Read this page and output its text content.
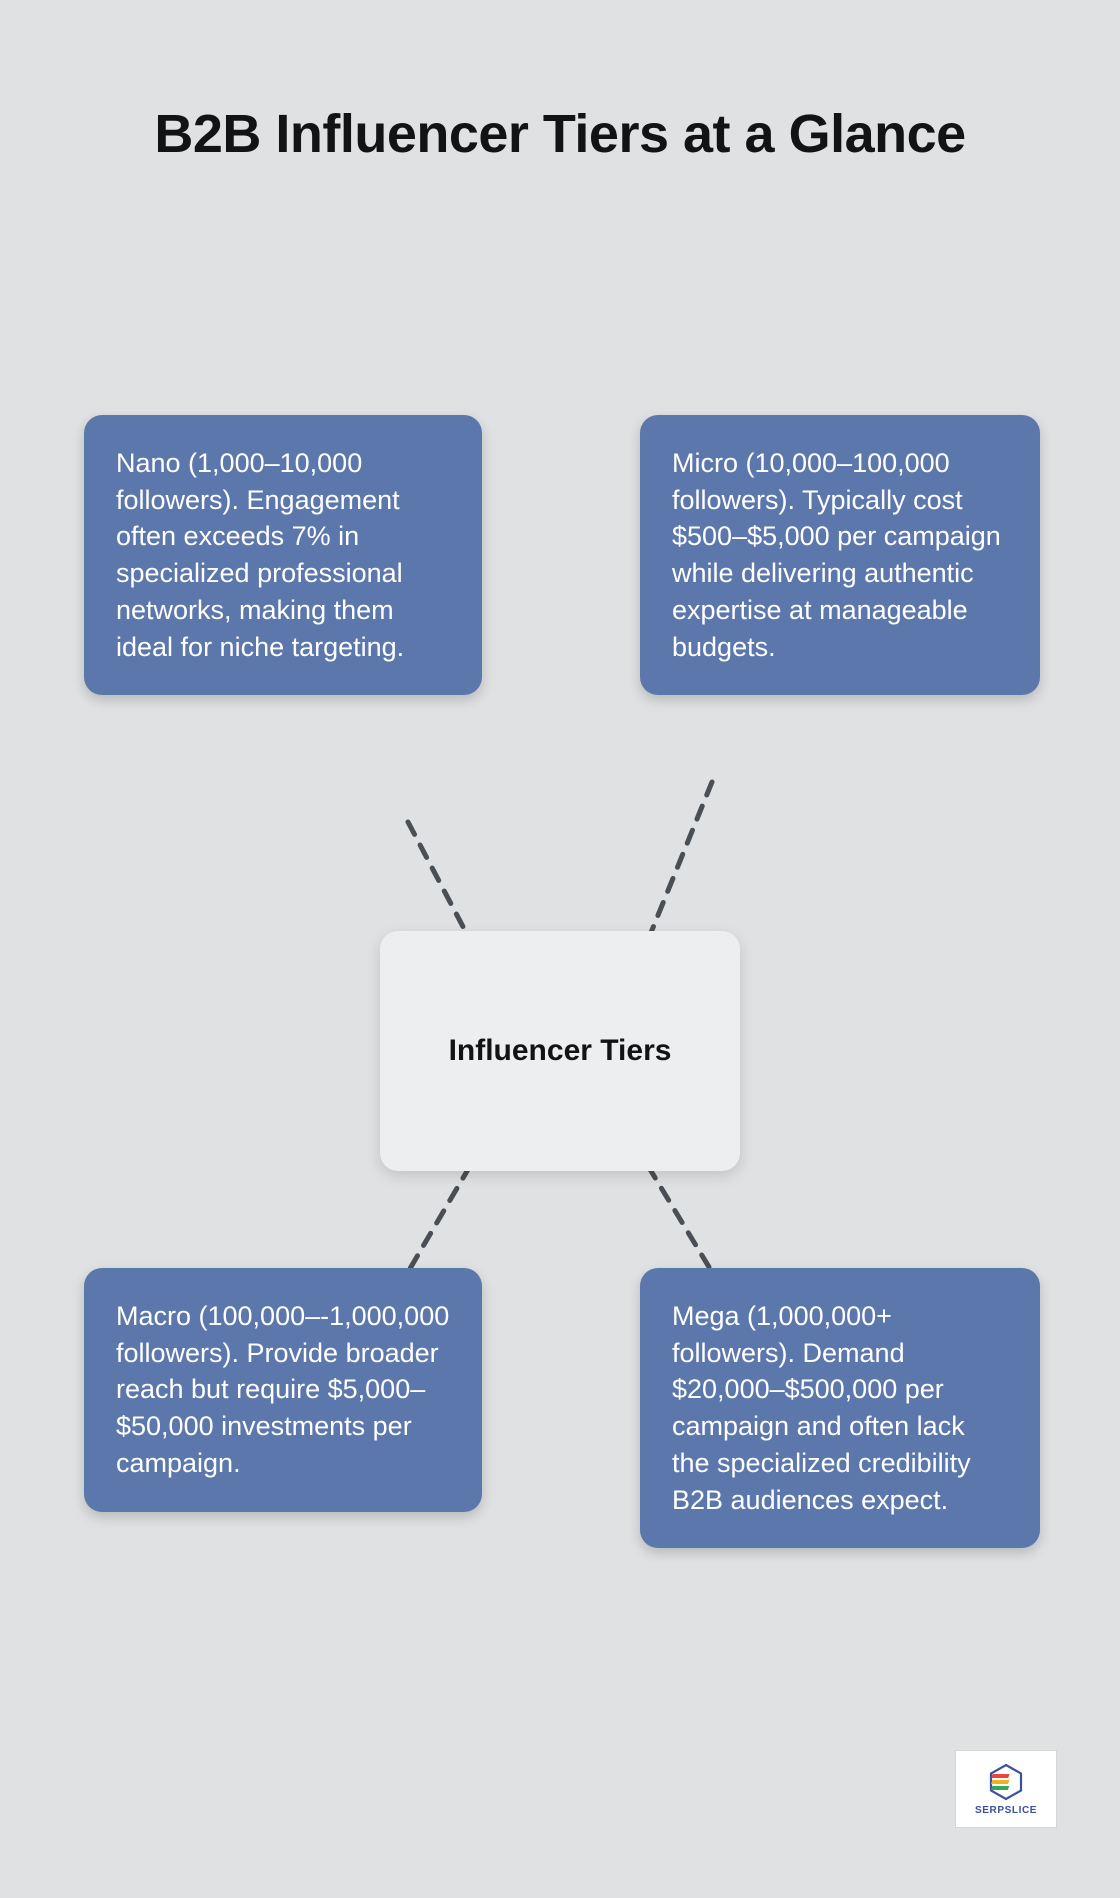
B2B Influencer Tiers at a Glance
Nano (1,000–10,000 followers). Engagement often exceeds 7% in specialized professional networks, making them ideal for niche targeting.
Micro (10,000–100,000 followers). Typically cost $500–$5,000 per campaign while delivering authentic expertise at manageable budgets.
Influencer Tiers
Macro (100,000–-1,000,000 followers). Provide broader reach but require $5,000–$50,000 investments per campaign.
Mega (1,000,000+ followers). Demand $20,000–$500,000 per campaign and often lack the specialized credibility B2B audiences expect.
SERPSLICE
